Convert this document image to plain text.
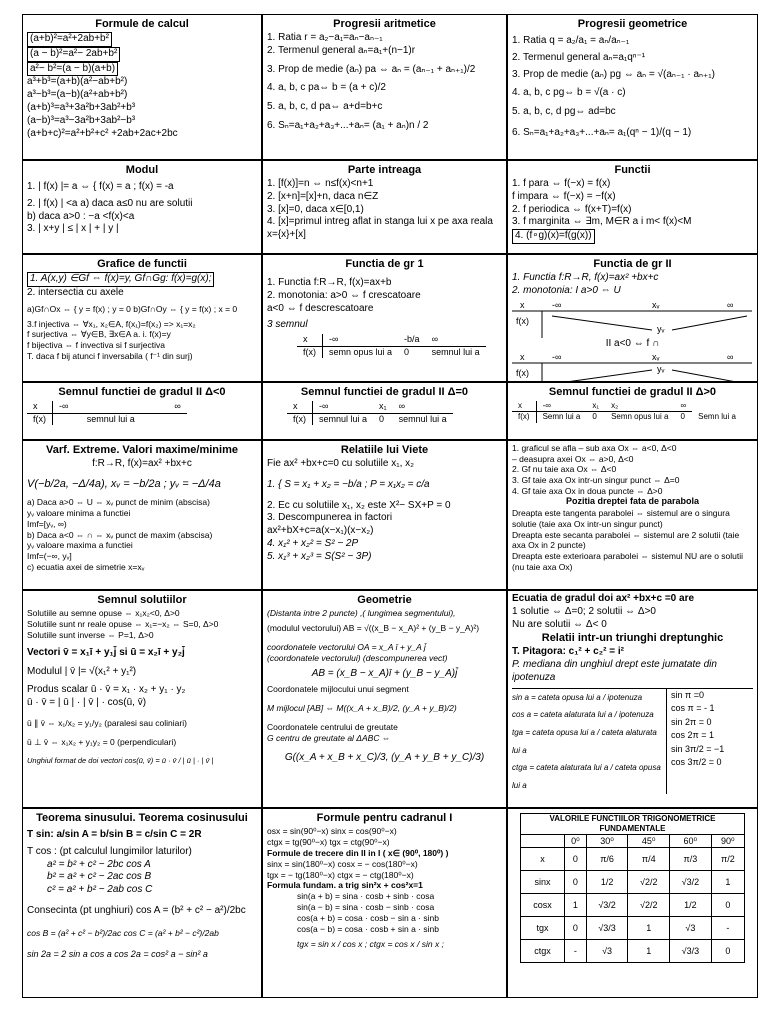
Formule de calcul
(a+b)²=a²+2ab+b²
(a − b)²=a²− 2ab+b²
a²− b²=(a − b)(a+b)
a³+b³=(a+b)(a²−ab+b²)
a³−b³=(a−b)(a²+ab+b²)
(a+b)³=a³+3a²b+3ab²+b³
(a−b)³=a³−3a²b+3ab²−b³
(a+b+c)²=a²+b²+c² +2ab+2ac+2bc
Progresii aritmetice
1. Ratia r = a₂−a₁=aₙ−aₙ₋₁
2. Termenul general aₙ=a₁+(n−1)r
3. Prop de medie (aₙ) pa ⇔ aₙ = (aₙ₋₁ + aₙ₊₁)/2
4. a, b, c pa⇔ b = (a + c)/2
5. a, b, c, d pa⇔ a+d=b+c
6. Sₙ=a₁+a₂+a₃+...+aₙ= (a₁ + aₙ)n / 2
Progresii geometrice
1. Ratia q = a₂/a₁ = aₙ/aₙ₋₁
2. Termenul general aₙ=a₁qⁿ⁻¹
3. Prop de medie (aₙ) pg ⇔ aₙ = √(aₙ₋₁ · aₙ₊₁)
4. a, b, c pg⇔ b = √(a · c)
5. a, b, c, d pg⇔ ad=bc
6. Sₙ=a₁+a₂+a₃+...+aₙ= a₁(qⁿ − 1)/(q − 1)
Modul
1. | f(x) |= a ⇔ { f(x) = a ; f(x) = -a
2. | f(x) | <a a) daca a≤0 nu are solutii
b) daca a>0 : −a <f(x)<a
3. | x+y | ≤ | x | + | y |
Parte intreaga
1. [f(x)]=n ⇔ n≤f(x)<n+1
2. [x+n]=[x]+n, daca n∈Z
3. [x]=0, daca x∈[0,1)
4. [x]=primul intreg aflat in stanga lui x pe axa reala x={x}+[x]
Functii
1. f para ⇔ f(−x) = f(x)
f impara ⇔ f(−x) = −f(x)
2. f periodica ⇔ f(x+T)=f(x)
3. f marginita ⇔ ∃m, M∈R a i m< f(x)<M
4. (f∘g)(x)=f(g(x))
Grafice de functii
1. A(x,y) ∈Gf ⇔ f(x)=y, Gf∩Gg: f(x)=g(x);
2. intersectia cu axele
a)Gf∩Ox ⇔ { y = f(x) ; y = 0 b)Gf∩Oy ⇔ { y = f(x) ; x = 0
3.f injectiva ⇔ ∀x₁, x₂∈A, f(x₁)=f(x₂) => x₁=x₂
f surjectiva ⇔ ∀y∈B, ∃x∈A a. i. f(x)=y
f bijectiva ⇔ f invectiva si f surjectiva
T. daca f bij atunci f inversabila ( f⁻¹ din surj)
Functia de gr 1
1. Functia f:R→R, f(x)=ax+b
2. monotonia: a>0 ⇔ f crescatoare
a<0 ⇔ f descrescatoare
3 semnul
x	-∞	-b/a	∞
f(x)	semn opus lui a	0	semnul lui a
Functia de gr II
1. Functia f:R→R, f(x)=ax² +bx+c
2. monotonia: I a>0 ⇔ U
x	-∞	xᵥ	∞
f(x)
yᵥ
II a<0 ⇔ f ∩
x	-∞	xᵥ	∞
f(x)	yᵥ
Semnul functiei de gradul II Δ<0
x	-∞	∞
f(x)	semnul lui a	
Semnul functiei de gradul II Δ=0
x	-∞	x₁	∞
f(x)	semnul lui a	0	semnul lui a
Semnul functiei de gradul II Δ>0
x	-∞	x₁	x₂	∞	
f(x)	Semn lui a	0	Semn opus lui a	0	Semn lui a
Varf. Extreme. Valori maxime/minime
f:R→R, f(x)=ax² +bx+c
V(−b/2a, −Δ/4a), xᵥ = −b/2a ; yᵥ = −Δ/4a
a) Daca a>0 ⇔ U ⇔ xᵥ punct de minim (abscisa)
yᵥ valoare minima a functiei
Imf=[yᵥ, ∞)
b) Daca a<0 ⇔ ∩ ⇔ xᵥ punct de maxim (abscisa)
yᵥ valoare maxima a functiei
Imf=(−∞, yᵥ]
c) ecuatia axei de simetrie x=xᵥ
Relatiile lui Viete
Fie ax² +bx+c=0 cu solutiile x₁, x₂
1. { S = x₁ + x₂ = −b/a ; P = x₁x₂ = c/a
2. Ec cu solutiile x₁, x₂ este X²− SX+P = 0
3. Descompunerea in factori
ax²+bX+c=a(x−x₁)(x−x₂)
4. x₁² + x₂² = S² − 2P
5. x₁³ + x₂³ = S(S² − 3P)
1. graficul se afla – sub axa Ox ⇔ a<0, Δ<0
– deasupra axei Ox ⇔ a>0, Δ<0
2. Gf nu taie axa Ox ⇔ Δ<0
3. Gf taie axa Ox intr-un singur punct ⇔ Δ=0
4. Gf taie axa Ox in doua puncte ⇔ Δ>0
Pozitia dreptei fata de parabola
Dreapta este tangenta parabolei ⇔ sistemul are o singura solutie (taie axa Ox intr-un singur punct)
Dreapta este secanta parabolei ⇔ sistemul are 2 solutii (taie axa Ox in 2 puncte)
Dreapta este exterioara parabolei ⇔ sistemul NU are o solutii (nu taie axa Ox)
Semnul solutiilor
Solutiile au semne opuse ⇔ x₁x₂<0, Δ>0
Solutiile sunt nr reale opuse ⇔ x₁=−x₂ ⇔ S=0, Δ>0
Solutiile sunt inverse ⇔ P=1, Δ>0
Vectori v̄ = x₁ī + y₁j̄ si ū = x₂ī + y₂j̄
Modulul | v̄ |= √(x₁² + y₁²)
Produs scalar ū · v̄ = x₁ · x₂ + y₁ · y₂
ū · v̄ = | ū | · | v̄ | · cos(ū, v̄)
ū ∥ v̄ ⇔ x₁/x₂ = y₁/y₂ (paralesi sau coliniari)
ū ⊥ v̄ ⇔ x₁x₂ + y₁y₂ = 0 (perpendiculari)
Unghiul format de doi vectori cos(ū, v̄) = ū · v̄ / | ū | · | v̄ |
Geometrie
(Distanta intre 2 puncte) ,( lungimea segmentului),
(modulul vectorului) AB = √((x_B − x_A)² + (y_B − y_A)²)
coordonatele vectorului OA = x_A ī + y_A j̄
(coordonatele vectorului) (descompunerea vect)
AB = (x_B − x_A)ī + (y_B − y_A)j̄
Coordonatele mijlocului unui segment
M mijlocul [AB] ⇔ M((x_A + x_B)/2, (y_A + y_B)/2)
Coordonatele centrului de greutate
G centru de greutate al ΔABC ⇔
G((x_A + x_B + x_C)/3, (y_A + y_B + y_C)/3)
Ecuatia de gradul doi ax² +bx+c =0 are
1 solutie ⇔ Δ=0; 2 solutii ⇔ Δ>0
Nu are solutii ⇔ Δ< 0
Relatii intr-un triunghi dreptunghic
T. Pitagora: c₁² + c₂² = i²
P. mediana din unghiul drept este jumatate din ipotenuza
sin a = cateta opusa lui a / ipotenuza
cos a = cateta alaturata lui a / ipotenuza
tga = cateta opusa lui a / cateta alaturata lui a
ctga = cateta alaturata lui a / cateta opusa lui a
sin π =0
cos π = - 1
sin 2π = 0
cos 2π = 1
sin 3π/2 = −1
cos 3π/2 = 0
Teorema sinusului. Teorema cosinusului
T sin: a/sin A = b/sin B = c/sin C = 2R
T cos : (pt calculul lungimilor laturilor)
a² = b² + c² − 2bc cos A
b² = a² + c² − 2ac cos B
c² = a² + b² − 2ab cos C
Consecinta (pt unghiuri) cos A = (b² + c² − a²)/2bc
cos B = (a² + c² − b²)/2ac cos C = (a² + b² − c²)/2ab
sin 2a = 2 sin a cos a cos 2a = cos² a − sin² a
Formule pentru cadranul I
osx = sin(90⁰−x) sinx = cos(90⁰−x)
ctgx = tg(90⁰−x) tgx = ctg(90⁰−x)
Formule de trecere din II in I ( x∈ (90⁰, 180⁰) )
sinx = sin(180⁰−x) cosx = − cos(180⁰−x)
tgx = − tg(180⁰−x) ctgx = − ctg(180⁰−x)
Formula fundam. a trig sin²x + cos²x=1
sin(a + b) = sina · cosb + sinb · cosa
sin(a − b) = sina · cosb − sinb · cosa
cos(a + b) = cosa · cosb − sin a · sinb
cos(a − b) = cosa · cosb + sin a · sinb
tgx = sin x / cos x ; ctgx = cos x / sin x ;
VALORILE FUNCTIILOR TRIGONOMETRICE FUNDAMENTALE					
	0⁰	30⁰	45⁰	60⁰	90⁰
x	0	π/6	π/4	π/3	π/2
sinx	0	1/2	√2/2	√3/2	1
cosx	1	√3/2	√2/2	1/2	0
tgx	0	√3/3	1	√3	-
ctgx	-	√3	1	√3/3	0
